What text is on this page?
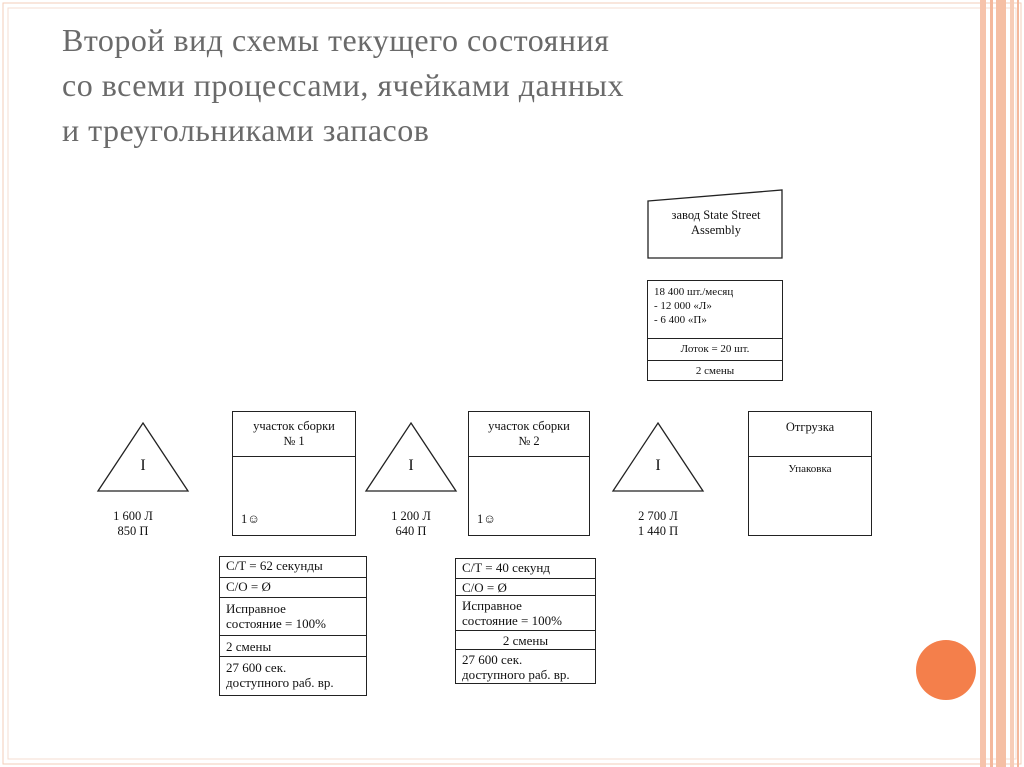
Второй вид схемы текущего состояния
со всеми процессами, ячейками данных
и треугольниками запасов
завод State Street
Assembly
18 400 шт./месяц
- 12 000 «Л»
- 6 400 «П»
Лоток = 20 шт.
2 смены
I
1 600 Л
850 П
I
1 200 Л
640 П
I
2 700 Л
1 440 П
участок сборки
№ 1
1☺
участок сборки
№ 2
1☺
Отгрузка
Упаковка
C/T = 62 секунды
C/O = Ø
Исправное
состояние = 100%
2 смены
27 600 сек.
доступного раб. вр.
C/T = 40 секунд
C/O = Ø
Исправное
состояние = 100%
2 смены
27 600 сек.
доступного раб. вр.
